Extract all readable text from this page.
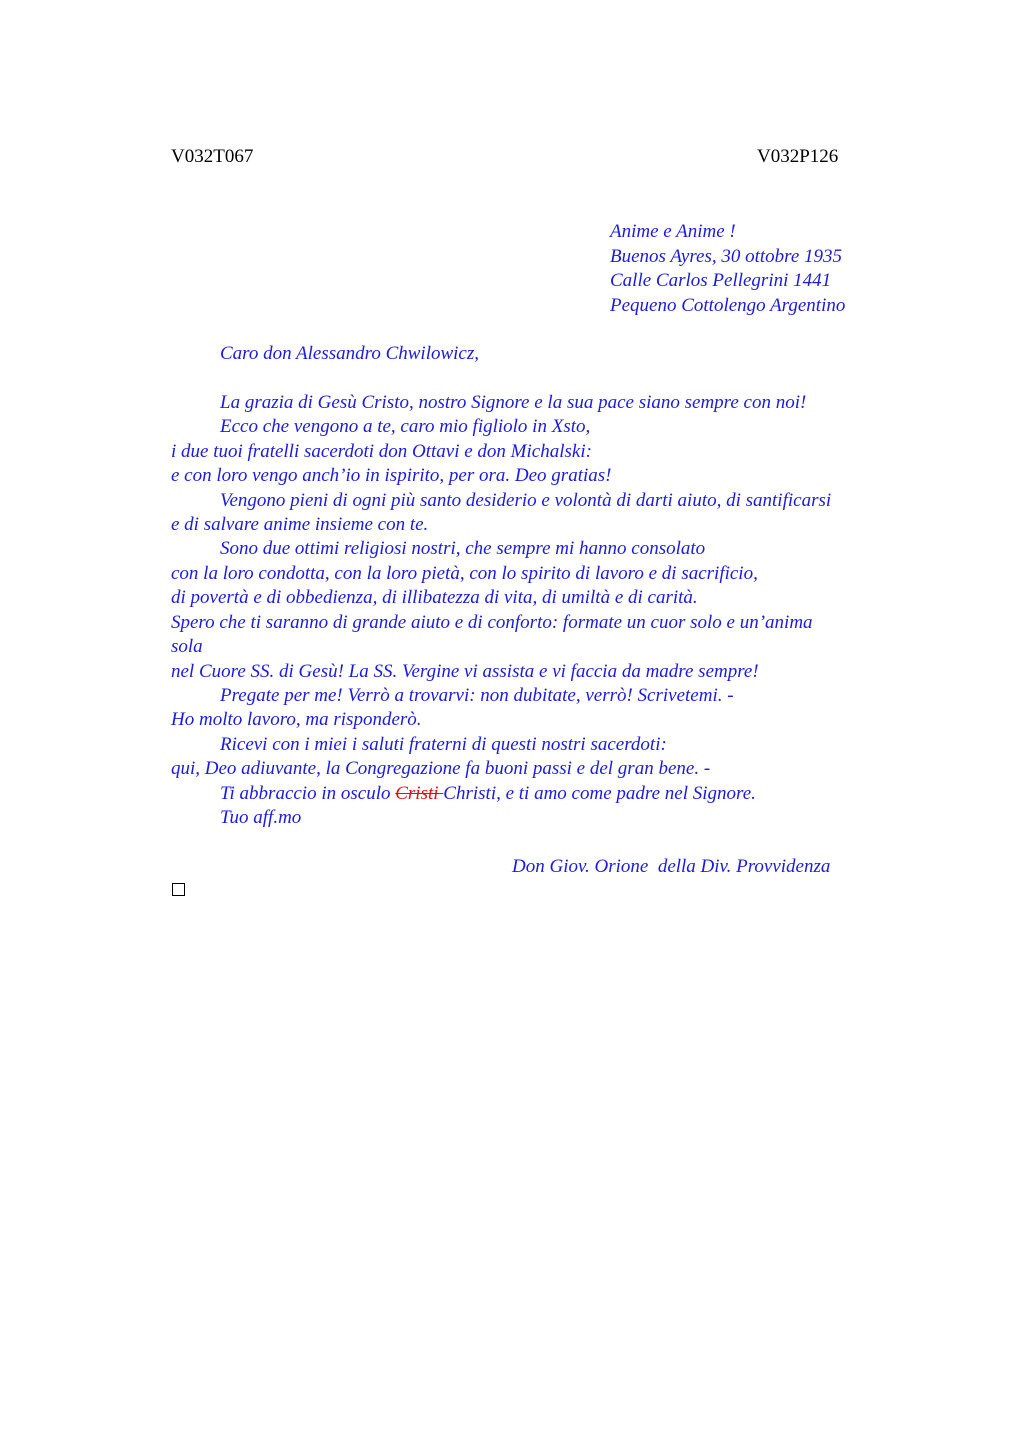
V032T067	V032P126
Anime e Anime !
Buenos Ayres, 30 ottobre 1935
Calle Carlos Pellegrini 1441
Pequeno Cottolengo Argentino
Caro don Alessandro Chwilowicz,
La grazia di Gesù Cristo, nostro Signore e la sua pace siano sempre con noi!
Ecco che vengono a te, caro mio figliolo in Xsto,
i due tuoi fratelli sacerdoti don Ottavi e don Michalski:
e con loro vengo anch’io in ispirito, per ora. Deo gratias!
Vengono pieni di ogni più santo desiderio e volontà di darti aiuto, di santificarsi
e di salvare anime insieme con te.
Sono due ottimi religiosi nostri, che sempre mi hanno consolato
con la loro condotta, con la loro pietà, con lo spirito di lavoro e di sacrificio,
di povertà e di obbedienza, di illibatezza di vita, di umiltà e di carità.
Spero che ti saranno di grande aiuto e di conforto: formate un cuor solo e un’anima
sola
nel Cuore SS. di Gesù! La SS. Vergine vi assista e vi faccia da madre sempre!
Pregate per me! Verrò a trovarvi: non dubitate, verrò! Scrivetemi. -
Ho molto lavoro, ma risponderò.
Ricevi con i miei i saluti fraterni di questi nostri sacerdoti:
qui, Deo adiuvante, la Congregazione fa buoni passi e del gran bene. -
Ti abbraccio in osculo Cristi Christi, e ti amo come padre nel Signore.
Tuo aff.mo
Don Giov. Orione  della Div. Provvidenza
